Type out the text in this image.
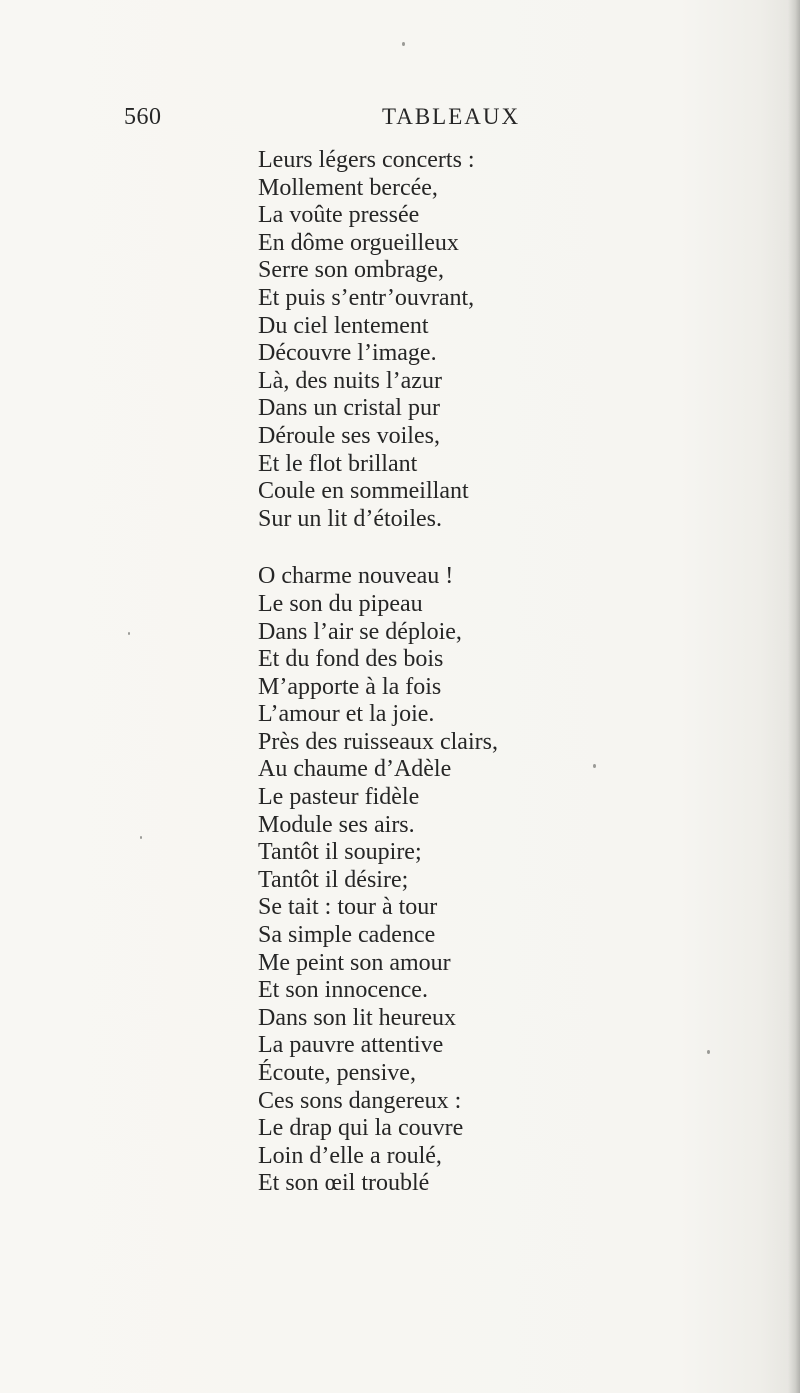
560	TABLEAUX
Leurs légers concerts :
Mollement bercée,
La voûte pressée
En dôme orgueilleux
Serre son ombrage,
Et puis s’entr’ouvrant,
Du ciel lentement
Découvre l’image.
Là, des nuits l’azur
Dans un cristal pur
Déroule ses voiles,
Et le flot brillant
Coule en sommeillant
Sur un lit d’étoiles.
O charme nouveau !
Le son du pipeau
Dans l’air se déploie,
Et du fond des bois
M’apporte à la fois
L’amour et la joie.
Près des ruisseaux clairs,
Au chaume d’Adèle
Le pasteur fidèle
Module ses airs.
Tantôt il soupire;
Tantôt il désire;
Se tait : tour à tour
Sa simple cadence
Me peint son amour
Et son innocence.
Dans son lit heureux
La pauvre attentive
Écoute, pensive,
Ces sons dangereux :
Le drap qui la couvre
Loin d’elle a roulé,
Et son œil troublé
